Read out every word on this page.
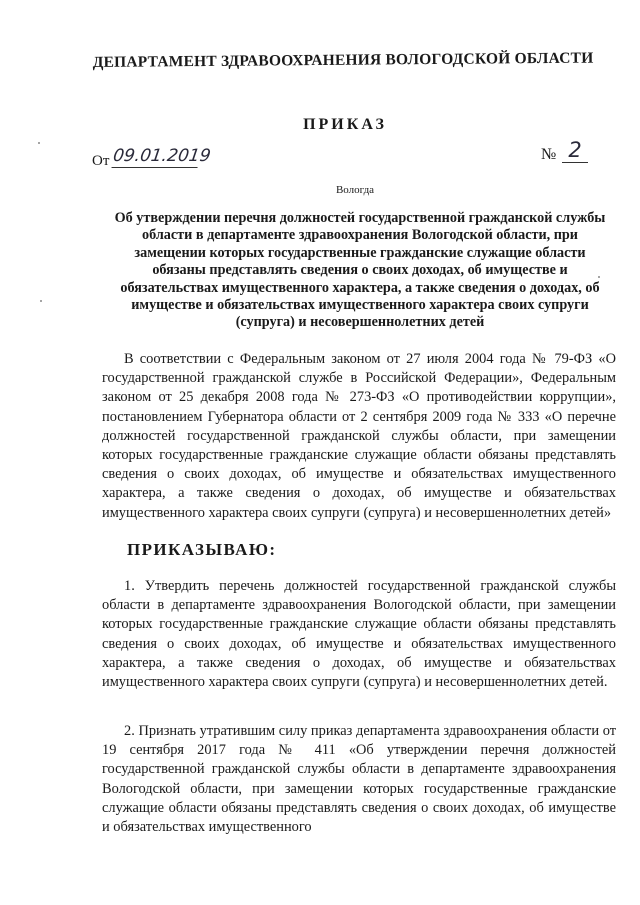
ДЕПАРТАМЕНТ ЗДРАВООХРАНЕНИЯ ВОЛОГОДСКОЙ ОБЛАСТИ
ПРИКАЗ
От 09.01.2019	№ 2
Вологда
Об утверждении перечня должностей государственной гражданской службы области в департаменте здравоохранения Вологодской области, при замещении которых государственные гражданские служащие области обязаны представлять сведения о своих доходах, об имуществе и обязательствах имущественного характера, а также сведения о доходах, об имуществе и обязательствах имущественного характера своих супруги (супруга) и несовершеннолетних детей

В соответствии с Федеральным законом от 27 июля 2004 года № 79-ФЗ «О государственной гражданской службе в Российской Федерации», Федеральным законом от 25 декабря 2008 года № 273-ФЗ «О противодействии коррупции», постановлением Губернатора области от 2 сентября 2009 года № 333 «О перечне должностей государственной гражданской службы области, при замещении которых государственные гражданские служащие области обязаны представлять сведения о своих доходах, об имуществе и обязательствах имущественного характера, а также сведения о доходах, об имуществе и обязательствах имущественного характера своих супруги (супруга) и несовершеннолетних детей»

ПРИКАЗЫВАЮ:

1. Утвердить перечень должностей государственной гражданской службы области в департаменте здравоохранения Вологодской области, при замещении которых государственные гражданские служащие области обязаны представлять сведения о своих доходах, об имуществе и обязательствах имущественного характера, а также сведения о доходах, об имуществе и обязательствах имущественного характера своих супруги (супруга) и несовершеннолетних детей.

2. Признать утратившим силу приказ департамента здравоохранения области от 19 сентября 2017 года № 411 «Об утверждении перечня должностей государственной гражданской службы области в департаменте здравоохранения Вологодской области, при замещении которых государственные гражданские служащие области обязаны представлять сведения о своих доходах, об имуществе и обязательствах имущественного
